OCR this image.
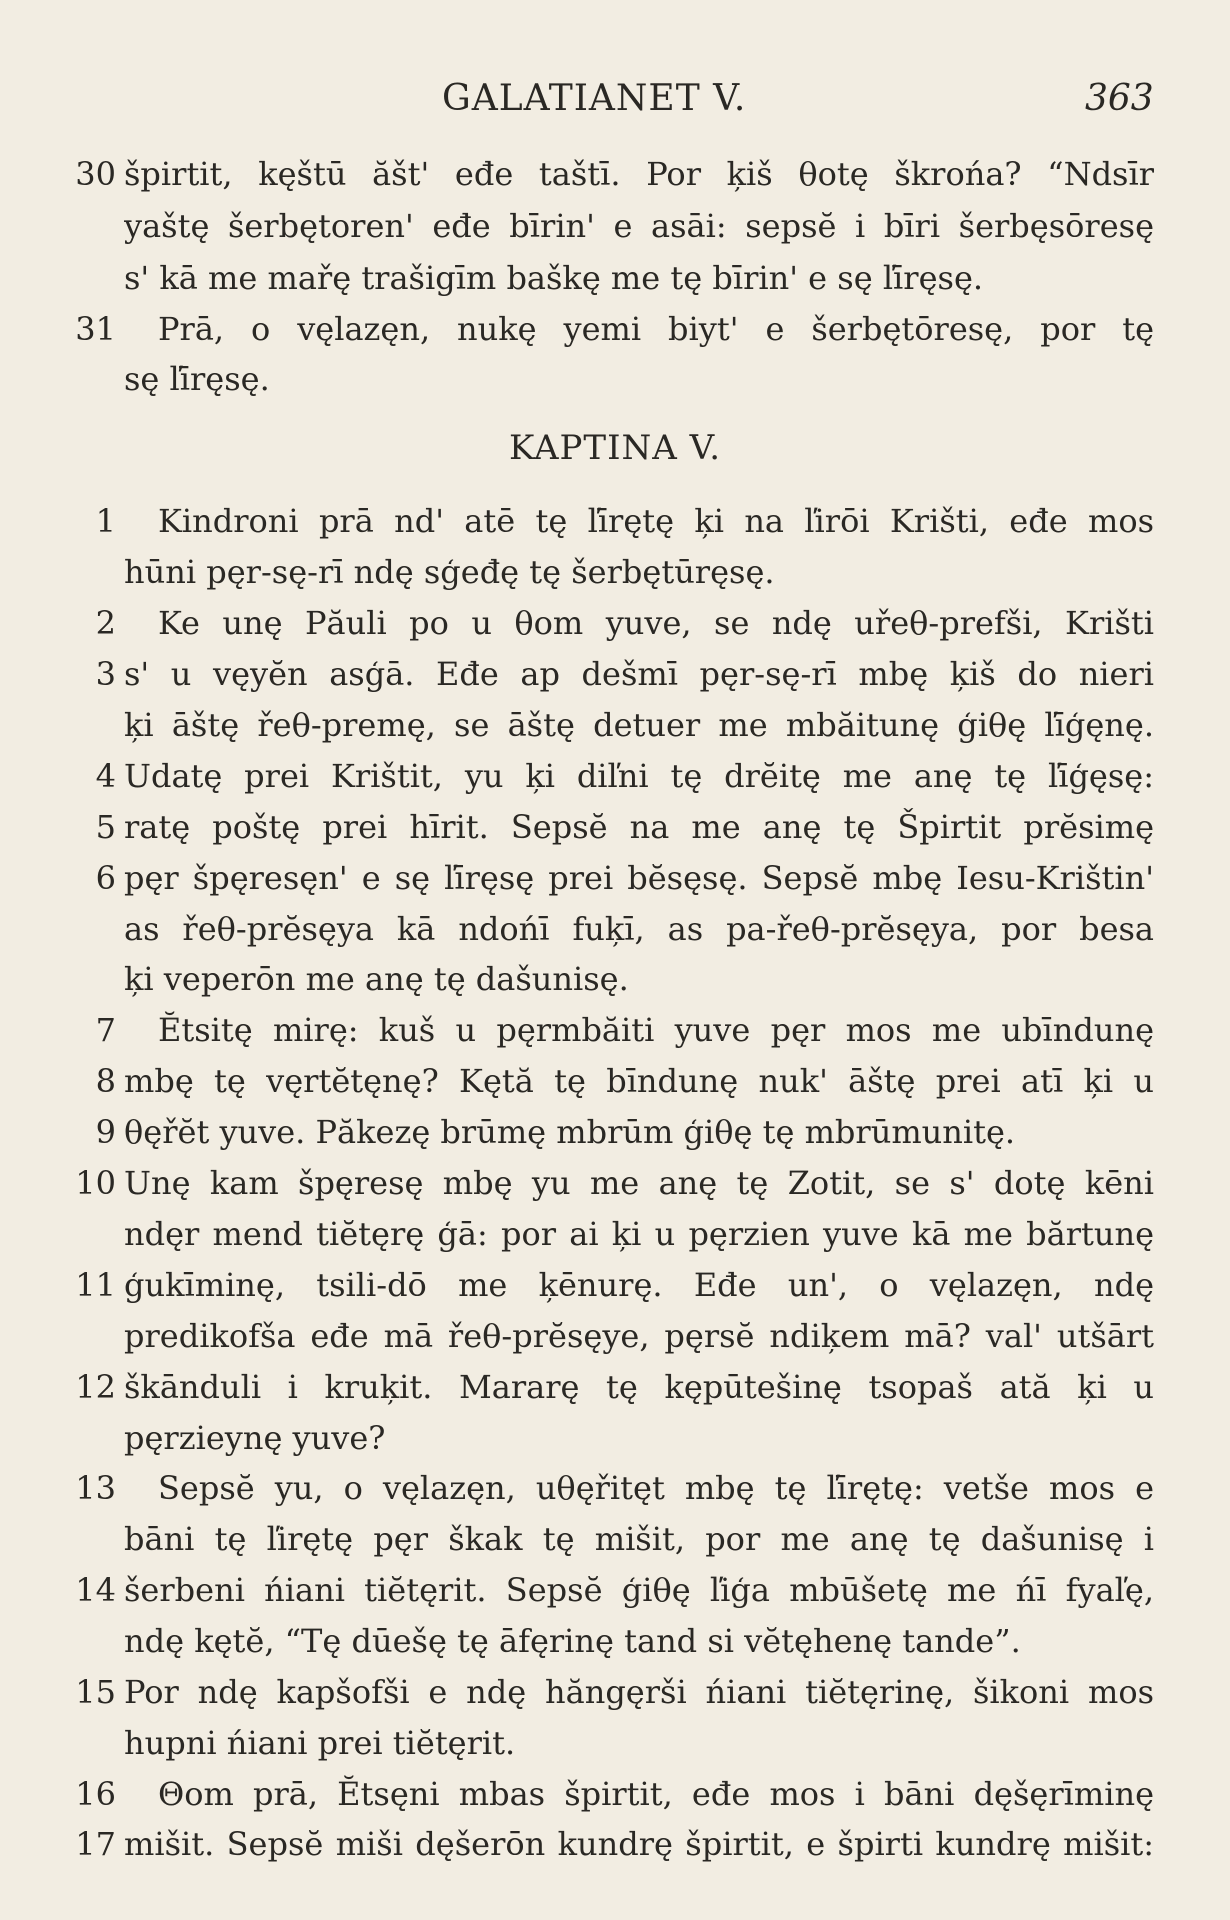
GALATIANET V.	363
KAPTINA V.
30 špirtit, kęštū ăšt' eđe taštī. Por ķiš θotę škrońa? “Ndsīr
yaštę šerbętoren' eđe bīrin' e asāi: sepsĕ i bīri šerbęsōresę
s' kā me mařę trašigīm baškę me tę bīrin' e sę ľīręsę.
31 Prā, o vęlazęn, nukę yemi biyt' e šerbętōresę, por tę
sę ľīręsę.
1 Kindroni prā nd' atē tę ľīrętę ķi na ľirōi Krišti, eđe mos
hūni pęr-sę-rī ndę sģeđę tę šerbętūręsę.
2 Ke unę Păuli po u θom yuve, se ndę uřeθ-prefši, Krišti
3 s' u vęyĕn asģā. Eđe ap dešmī pęr-sę-rī mbę ķiš do nieri
ķi āštę řeθ-premę, se āštę detuer me mbăitunę ģiθę ľīģęnę.
4 Udatę prei Krištit, yu ķi diľni tę drĕitę me anę tę ľīģęsę:
5 ratę poštę prei hīrit. Sepsĕ na me anę tę Špirtit prĕsimę
6 pęr špęresęn' e sę ľīręsę prei bĕsęsę. Sepsĕ mbę Iesu-Krištin'
as řeθ-prĕsęya kā ndońī fuķī, as pa-řeθ-prĕsęya, por besa
ķi veperōn me anę tę dašunisę.
7 Ĕtsitę mirę: kuš u pęrmbăiti yuve pęr mos me ubīndunę
8 mbę tę vęrtĕtęnę? Kętă tę bīndunę nuk' āštę prei atī ķi u
9 θęřĕt yuve. Păkezę brūmę mbrūm ģiθę tę mbrūmunitę.
10 Unę kam špęresę mbę yu me anę tę Zotit, se s' dotę kēni
ndęr mend tiĕtęrę ģā: por ai ķi u pęrzien yuve kā me bărtunę
11 ģukīminę, tsili-dō me ķēnurę. Eđe un', o vęlazęn, ndę
predikofša eđe mā řeθ-prĕsęye, pęrsĕ ndiķem mā? val' utšārt
12 škānduli i kruķit. Mararę tę kępūtešinę tsopaš ată ķi u
pęrzieynę yuve?
13 Sepsĕ yu, o vęlazęn, uθęřitęt mbę tę ľīrętę: vetše mos e
bāni tę ľirętę pęr škak tę mišit, por me anę tę dašunisę i
14 šerbeni ńiani tiĕtęrit. Sepsĕ ģiθę ľiģa mbūšetę me ńī fyaľę,
ndę kętĕ, “Tę dūešę tę āfęrinę tand si vĕtęhenę tande”.
15 Por ndę kapšofši e ndę hăngęrši ńiani tiĕtęrinę, šikoni mos
hupni ńiani prei tiĕtęrit.
16 Θom prā, Ĕtsęni mbas špirtit, eđe mos i bāni dęšęrīminę
17 mišit. Sepsĕ miši dęšerōn kundrę špirtit, e špirti kundrę mišit:
